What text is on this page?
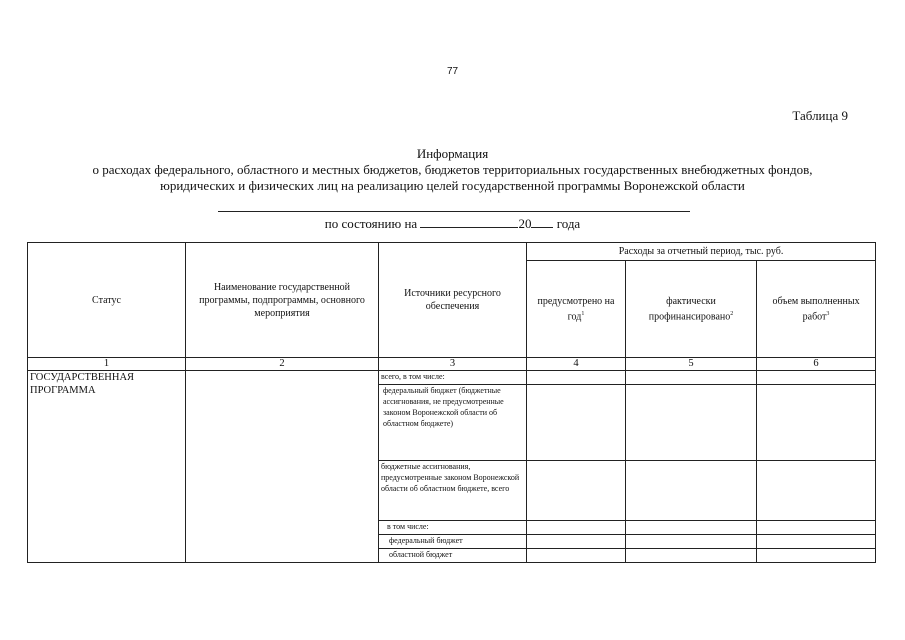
77
Таблица 9
Информация
о расходах федерального, областного и местных бюджетов, бюджетов территориальных государственных внебюджетных фондов,
юридических и физических лиц на реализацию целей государственной программы Воронежской области
по состоянию на	20 года
Статус	Наименование государственной программы, подпрограммы, основного мероприятия	Источники ресурсного обеспечения	Расходы за отчетный период, тыс. руб.		
			предусмотрено на год$^1$	фактически профинансировано$^2$	объем выполненных работ$^3$
1	2	3	4	5	6
ГОСУДАРСТВЕННАЯ ПРОГРАММА		всего, в том числе:			
		федеральный бюджет (бюджетные ассигнования, не предусмотренные законом Воронежской области об областном бюджете)			
		бюджетные ассигнования, предусмотренные законом Воронежской области об областном бюджете, всего			
		в том числе:			
		федеральный бюджет			
		областной бюджет			
